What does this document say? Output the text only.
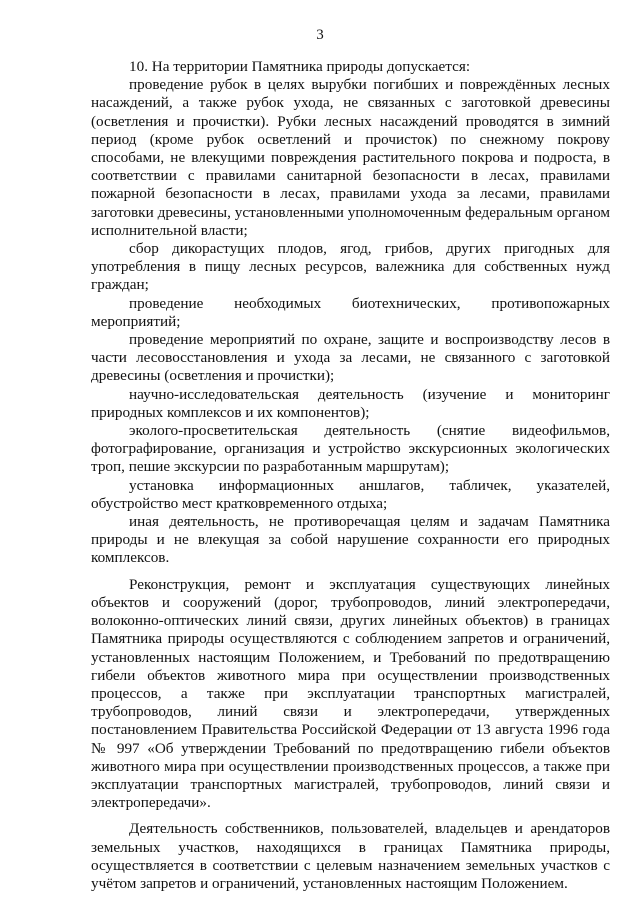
3

10. На территории Памятника природы допускается:

проведение рубок в целях вырубки погибших и повреждённых лесных насаждений, а также рубок ухода, не связанных с заготовкой древесины (осветления и прочистки). Рубки лесных насаждений проводятся в зимний период (кроме рубок осветлений и прочисток) по снежному покрову способами, не влекущими повреждения растительного покрова и подроста, в соответствии с правилами санитарной безопасности в лесах, правилами пожарной безопасности в лесах, правилами ухода за лесами, правилами заготовки древесины, установленными уполномоченным федеральным органом исполнительной власти;

сбор дикорастущих плодов, ягод, грибов, других пригодных для употребления в пищу лесных ресурсов, валежника для собственных нужд граждан;

проведение необходимых биотехнических, противопожарных мероприятий;

проведение мероприятий по охране, защите и воспроизводству лесов в части лесовосстановления и ухода за лесами, не связанного с заготовкой древесины (осветления и прочистки);

научно-исследовательская деятельность (изучение и мониторинг природных комплексов и их компонентов);

эколого-просветительская деятельность (снятие видеофильмов, фотографирование, организация и устройство экскурсионных экологических троп, пешие экскурсии по разработанным маршрутам);

установка информационных аншлагов, табличек, указателей, обустройство мест кратковременного отдыха;

иная деятельность, не противоречащая целям и задачам Памятника природы и не влекущая за собой нарушение сохранности его природных комплексов.

Реконструкция, ремонт и эксплуатация существующих линейных объектов и сооружений (дорог, трубопроводов, линий электропередачи, волоконно-оптических линий связи, других линейных объектов) в границах Памятника природы осуществляются с соблюдением запретов и ограничений, установленных настоящим Положением, и Требований по предотвращению гибели объектов животного мира при осуществлении производственных процессов, а также при эксплуатации транспортных магистралей, трубопроводов, линий связи и электропередачи, утвержденных постановлением Правительства Российской Федерации от 13 августа 1996 года № 997 «Об утверждении Требований по предотвращению гибели объектов животного мира при осуществлении производственных процессов, а также при эксплуатации транспортных магистралей, трубопроводов, линий связи и электропередачи».

Деятельность собственников, пользователей, владельцев и арендаторов земельных участков, находящихся в границах Памятника природы, осуществляется в соответствии с целевым назначением земельных участков с учётом запретов и ограничений, установленных настоящим Положением.
